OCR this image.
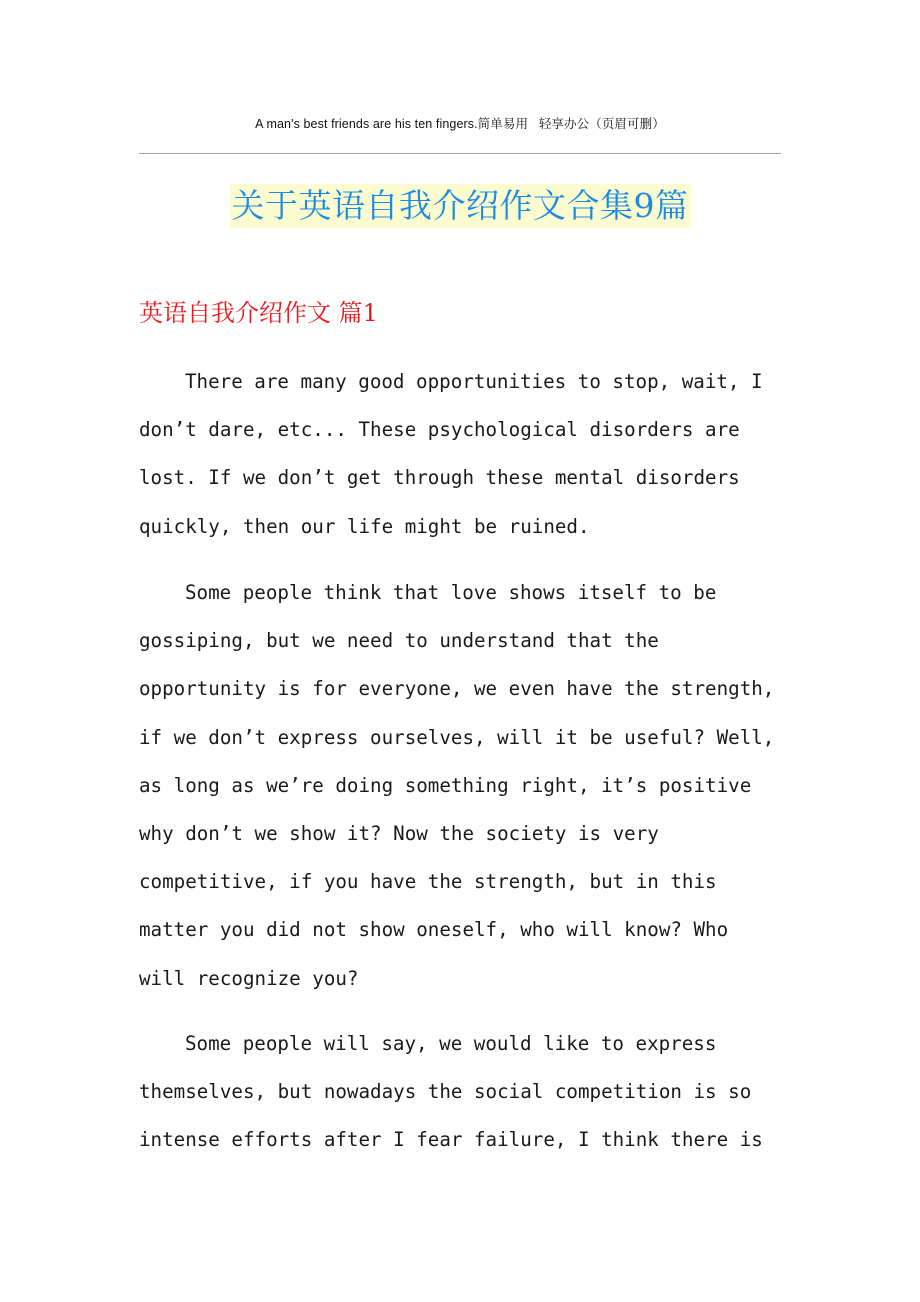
A man's best friends are his ten fingers.简单易用   轻享办公（页眉可删）
关于英语自我介绍作文合集9篇
英语自我介绍作文 篇1

There are many good opportunities to stop, wait, I
don’t dare, etc... These psychological disorders are
lost. If we don’t get through these mental disorders
quickly, then our life might be ruined.

Some people think that love shows itself to be
gossiping, but we need to understand that the
opportunity is for everyone, we even have the strength,
if we don’t express ourselves, will it be useful? Well,
as long as we’re doing something right, it’s positive
why don’t we show it? Now the society is very
competitive, if you have the strength, but in this
matter you did not show oneself, who will know? Who
will recognize you?

Some people will say, we would like to express
themselves, but nowadays the social competition is so
intense efforts after I fear failure, I think there is
